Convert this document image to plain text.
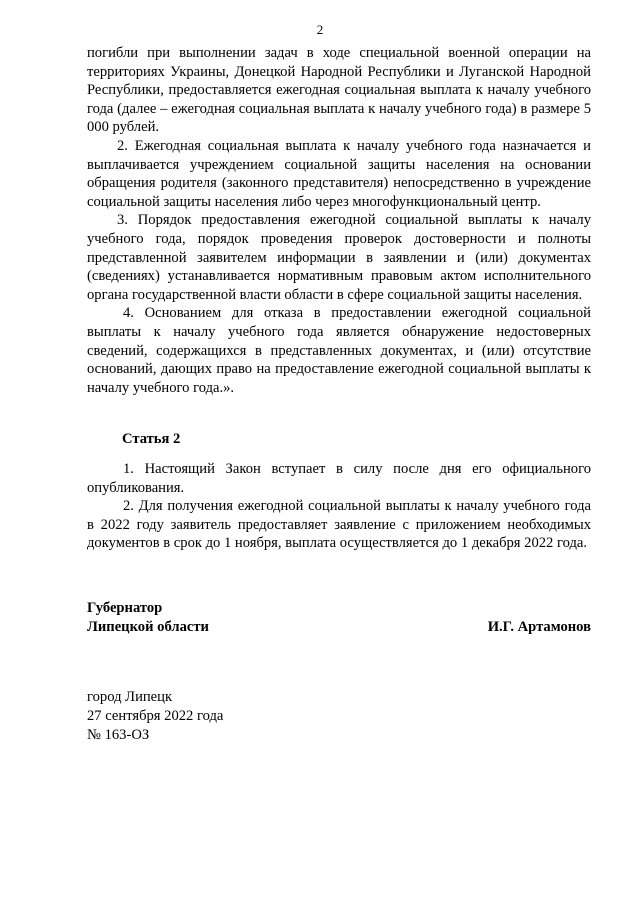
2

погибли при выполнении задач в ходе специальной военной операции на территориях Украины, Донецкой Народной Республики и Луганской Народной Республики, предоставляется ежегодная социальная выплата к началу учебного года (далее – ежегодная социальная выплата к началу учебного года) в размере 5 000 рублей.

2. Ежегодная социальная выплата к началу учебного года назначается и выплачивается учреждением социальной защиты населения на основании обращения родителя (законного представителя) непосредственно в учреждение социальной защиты населения либо через многофункциональный центр.

3. Порядок предоставления ежегодной социальной выплаты к началу учебного года, порядок проведения проверок достоверности и полноты представленной заявителем информации в заявлении и (или) документах (сведениях) устанавливается нормативным правовым актом исполнительного органа государственной власти области в сфере социальной защиты населения.

4. Основанием для отказа в предоставлении ежегодной социальной выплаты к началу учебного года является обнаружение недостоверных сведений, содержащихся в представленных документах, и (или) отсутствие оснований, дающих право на предоставление ежегодной социальной выплаты к началу учебного года.».

Статья 2

1. Настоящий Закон вступает в силу после дня его официального опубликования.

2. Для получения ежегодной социальной выплаты к началу учебного года в 2022 году заявитель предоставляет заявление с приложением необходимых документов в срок до 1 ноября, выплата осуществляется до 1 декабря 2022 года.

Губернатор
Липецкой области	И.Г. Артамонов
город Липецк
27 сентября 2022 года
№ 163-ОЗ
